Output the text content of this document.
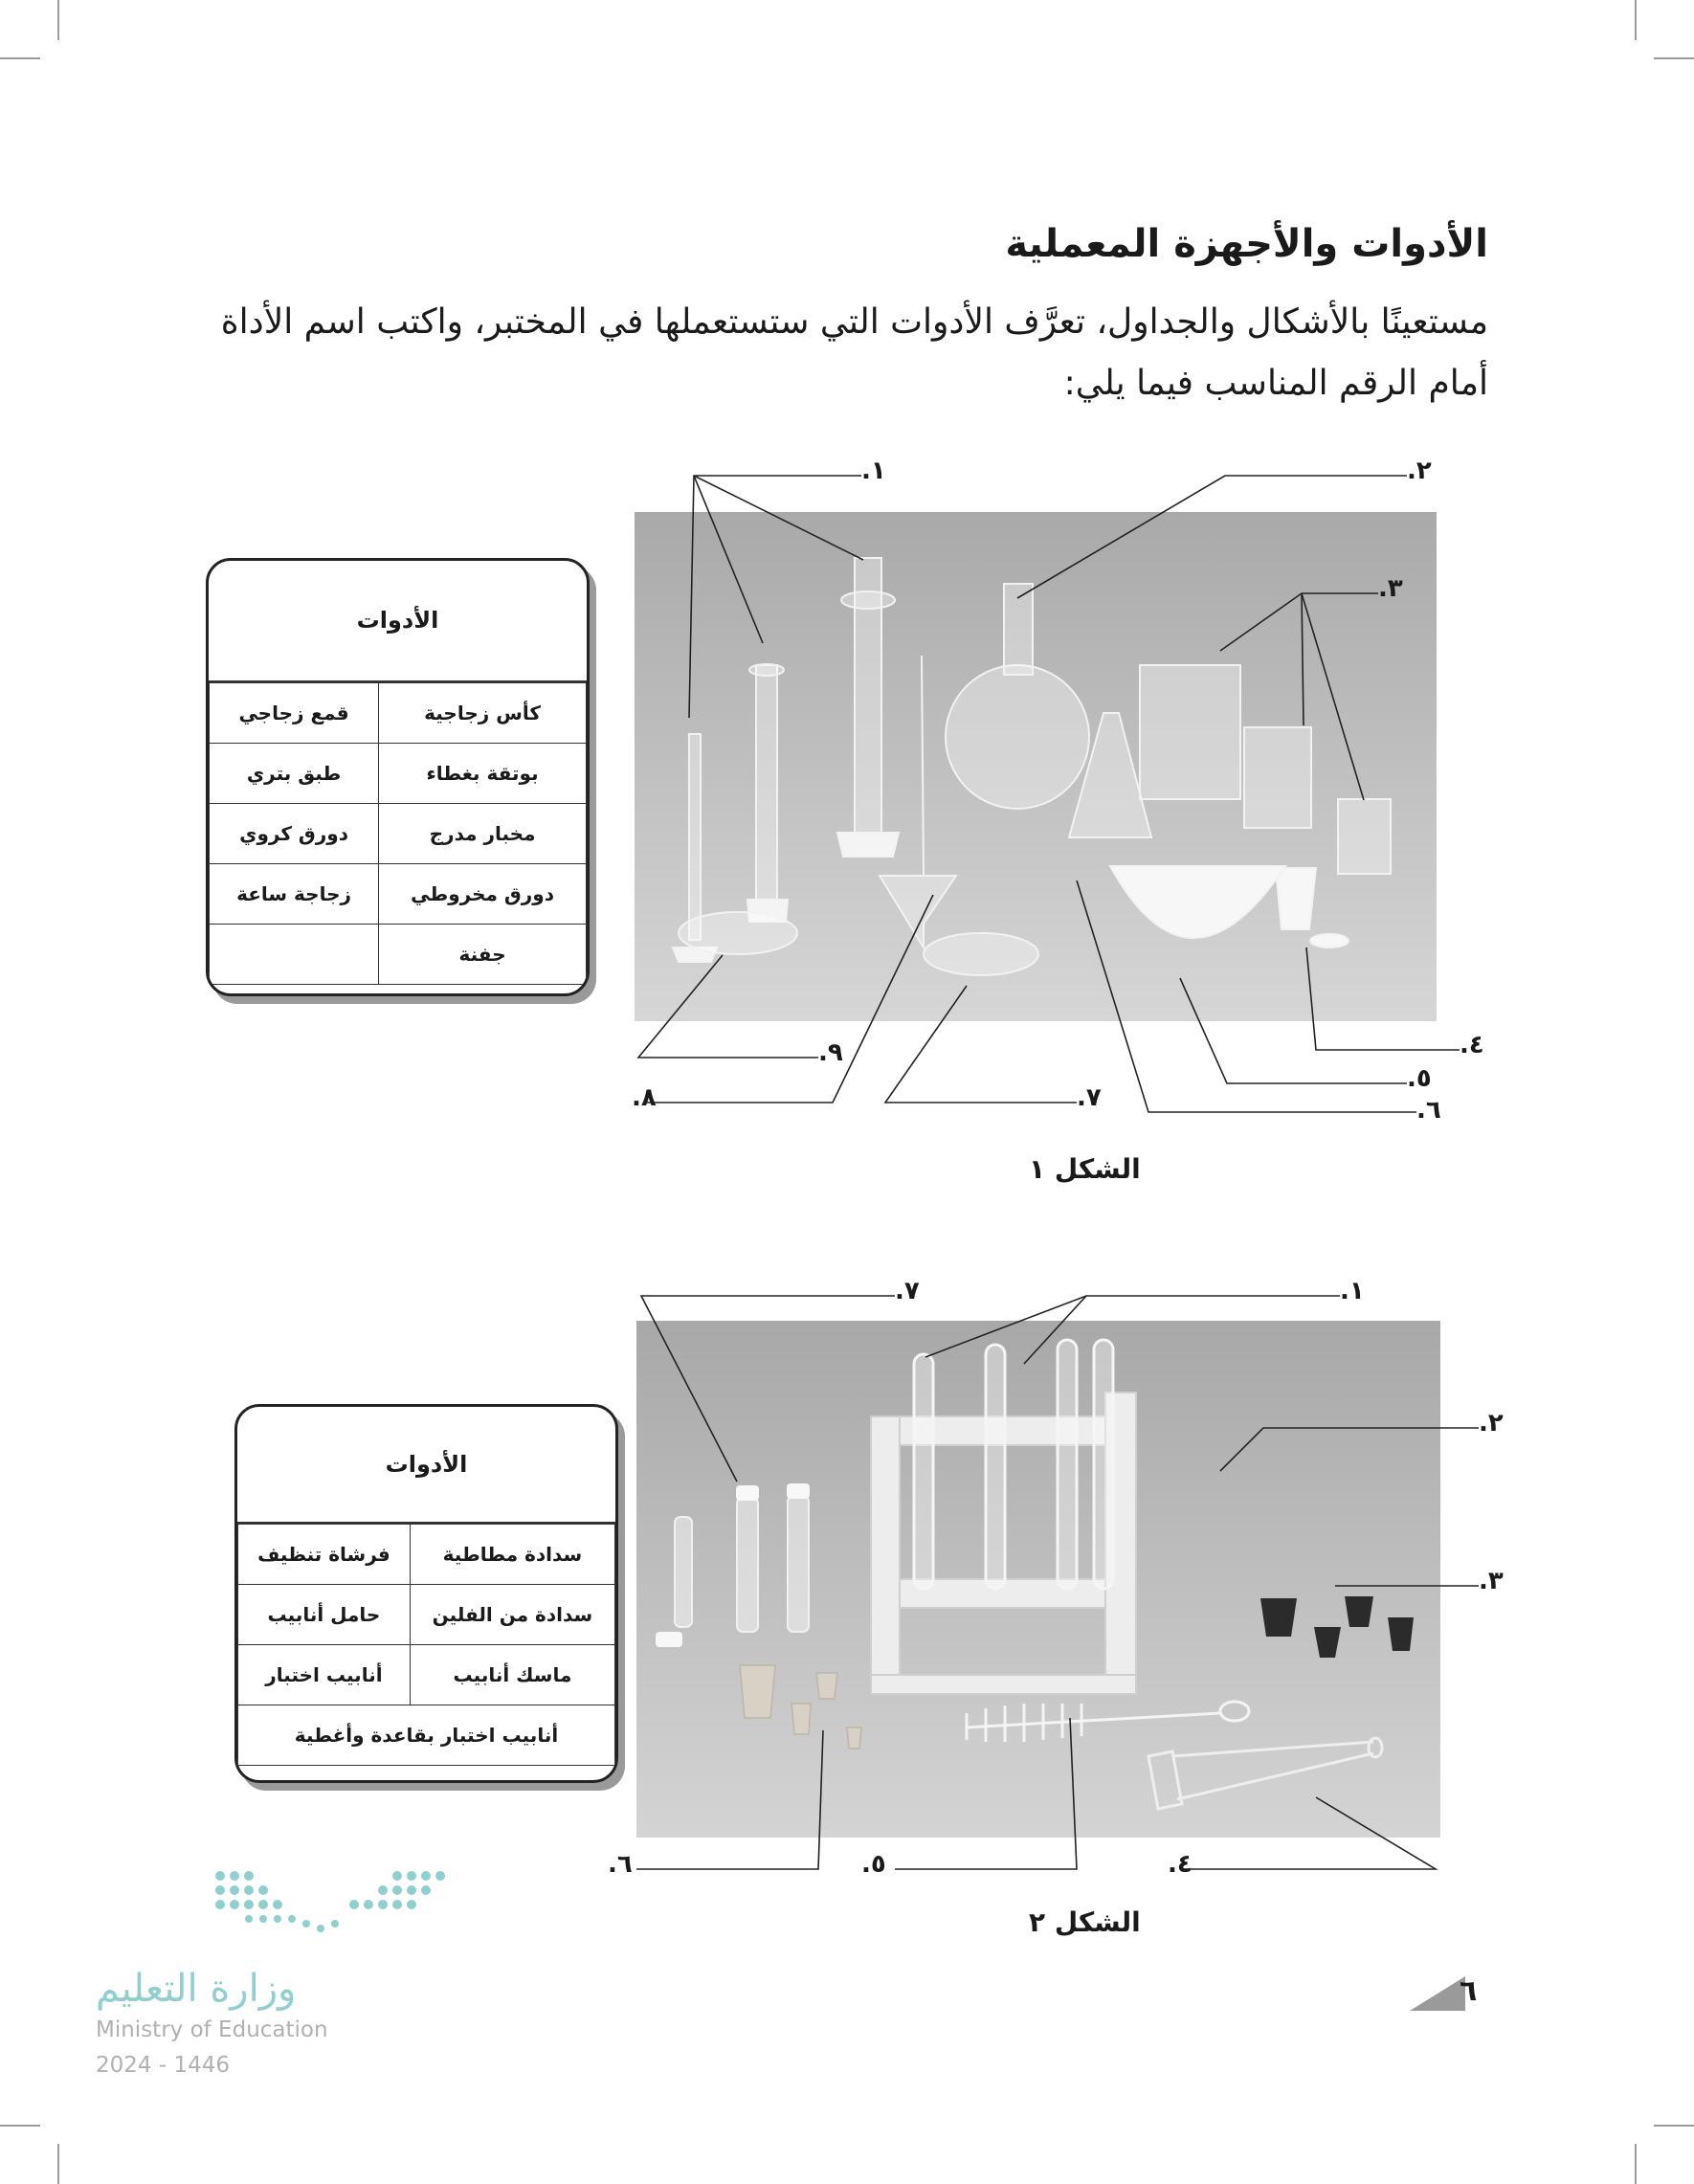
الأدوات والأجهزة المعملية
مستعينًا بالأشكال والجداول، تعرَّف الأدوات التي ستستعملها في المختبر، واكتب اسم الأداة أمام الرقم المناسب فيما يلي:
١.	٢.
٣.
٤.
٥.
٦.
٧.
٨.
٩.
الشكل ١
الأدوات
كأس زجاجية	قمع زجاجي
بوتقة بغطاء	طبق بتري
مخبار مدرج	دورق كروي
دورق مخروطي	زجاجة ساعة
جفنة	
١.
٢.
٣.
٤.
٥.
٦.
٧.
الشكل ٢
الأدوات
سدادة مطاطية	فرشاة تنظيف
سدادة من الفلين	حامل أنابيب
ماسك أنابيب	أنابيب اختبار
أنابيب اختبار بقاعدة وأغطية	
وزارة التعليم
Ministry of Education
2024 - 1446
٦
